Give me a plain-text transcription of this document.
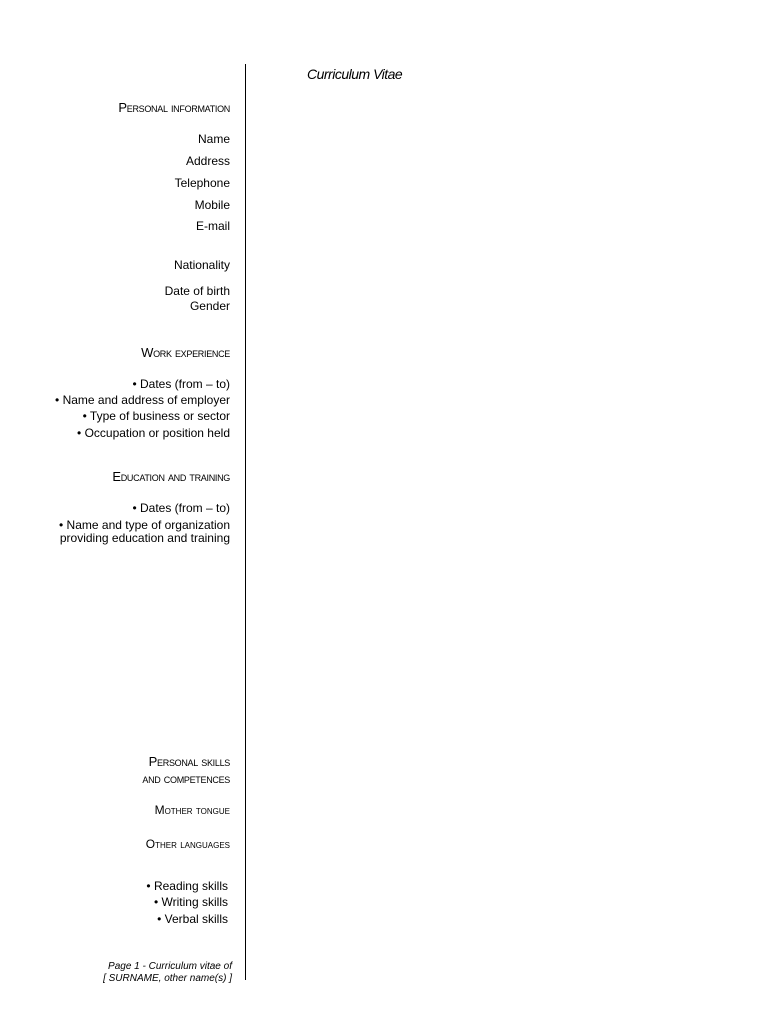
Curriculum Vitae
Personal information
Name
Address
Telephone
Mobile
E-mail
Nationality
Date of birth
Gender
Work experience
• Dates (from – to)
• Name and address of employer
• Type of business or sector
• Occupation or position held
Education and training
• Dates (from – to)
• Name and type of organization
providing education and training
Personal skills
and competences
Mother tongue
Other languages
• Reading skills
• Writing skills
• Verbal skills
Page 1 - Curriculum vitae of
[ SURNAME, other name(s) ]
